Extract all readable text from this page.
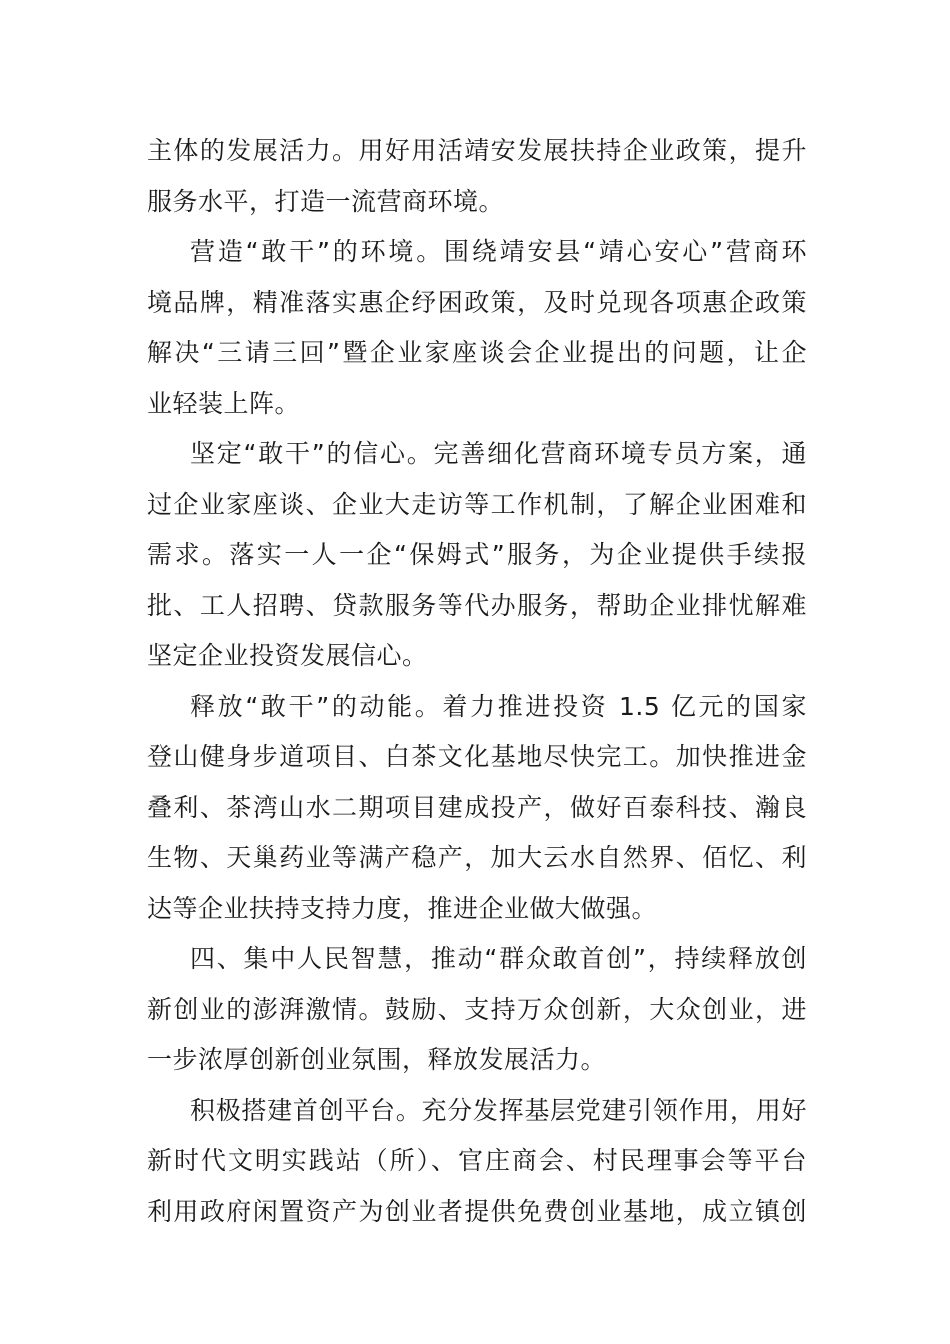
主体的发展活力。用好用活靖安发展扶持企业政策，提升
服务水平，打造一流营商环境。
营造“敢干”的环境。围绕靖安县“靖心安心”营商环
境品牌，精准落实惠企纾困政策，及时兑现各项惠企政策
解决“三请三回”暨企业家座谈会企业提出的问题，让企
业轻装上阵。
坚定“敢干”的信心。完善细化营商环境专员方案，通
过企业家座谈、企业大走访等工作机制，了解企业困难和
需求。落实一人一企“保姆式”服务，为企业提供手续报
批、工人招聘、贷款服务等代办服务，帮助企业排忧解难
坚定企业投资发展信心。
释放“敢干”的动能。着力推进投资 1.5 亿元的国家
登山健身步道项目、白茶文化基地尽快完工。加快推进金
叠利、茶湾山水二期项目建成投产，做好百泰科技、瀚良
生物、天巢药业等满产稳产，加大云水自然界、佰忆、利
达等企业扶持支持力度，推进企业做大做强。
四、集中人民智慧，推动“群众敢首创”，持续释放创
新创业的澎湃激情。鼓励、支持万众创新，大众创业，进
一步浓厚创新创业氛围，释放发展活力。
积极搭建首创平台。充分发挥基层党建引领作用，用好
新时代文明实践站（所）、官庄商会、村民理事会等平台
利用政府闲置资产为创业者提供免费创业基地，成立镇创
